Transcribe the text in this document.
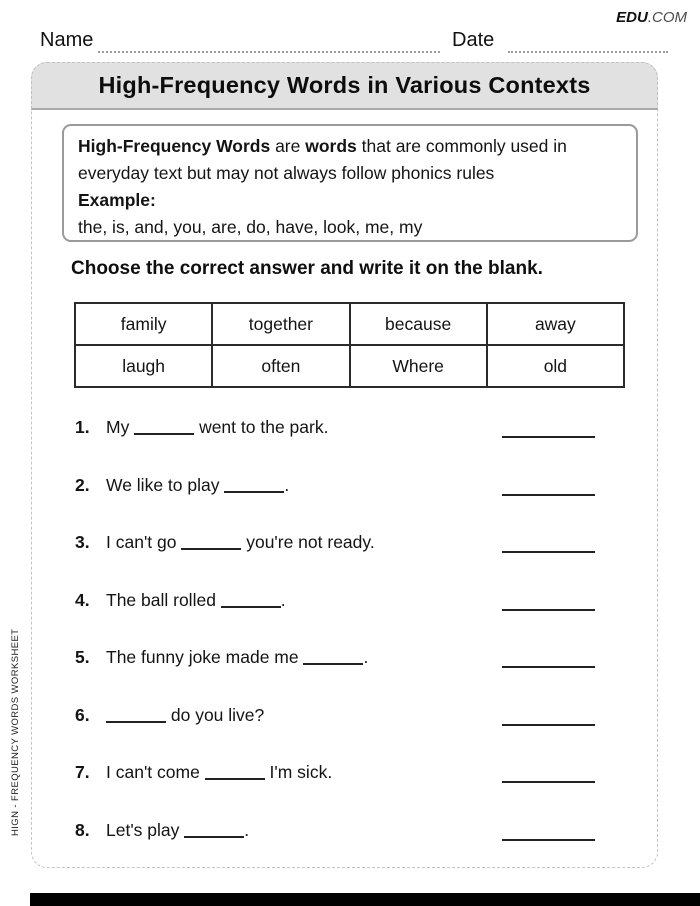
EDU.COM
Name	Date
High-Frequency Words in Various Contexts
High-Frequency Words are words that are commonly used in
everyday text but may not always follow phonics rules
Example:
the, is, and, you, are, do, have, look, me, my
Choose the correct answer and write it on the blank.
family	together	because	away
laugh	often	Where	old
1. My	went to the park.
2. We like to play	.
3. I can't go	you're not ready.
4. The ball rolled	.
5. The funny joke made me	.
6.	do you live?
7. I can't come	I'm sick.
8. Let's play	.
HIGN - FREQUENCY WORDS WORKSHEET
